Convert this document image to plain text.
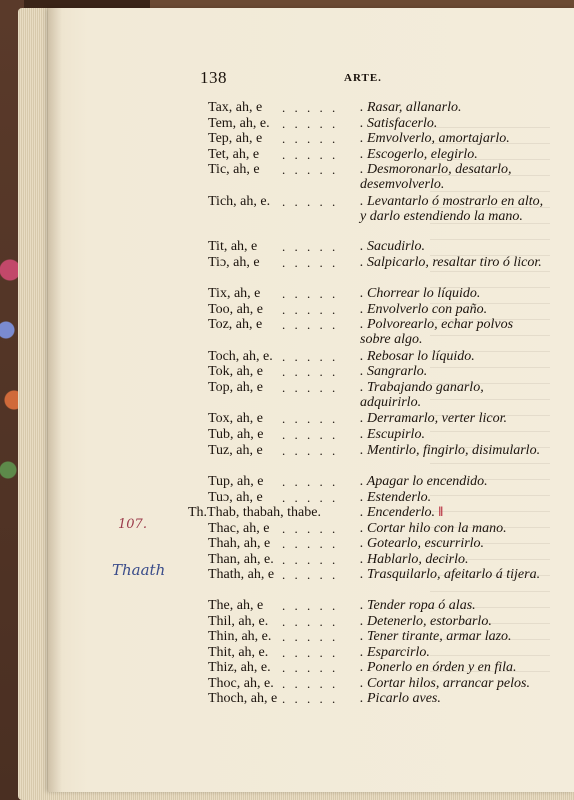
138	ARTE.
107.
Thaath
Tax, ah, e . . . . . . Rasar, allanarlo.
Tem, ah, e. . . . . . . Satisfacerlo.
Tep, ah, e . . . . . . Emvolverlo, amortajarlo.
Tet, ah, e . . . . . . Escogerlo, elegirlo.
Tic, ah, e . . . . . . Desmoronarlo, desatarlo, desemvolverlo.
Tich, ah, e. . . . . . . Levantarlo ó mostrarlo en alto, y darlo estendiendo la mano.
Tit, ah, e . . . . . . Sacudirlo.
Tiɔ, ah, e . . . . . . Salpicarlo, resaltar tiro ó licor.
Tix, ah, e . . . . . . Chorrear lo líquido.
Too, ah, e . . . . . . Envolverlo con paño.
Toz, ah, e . . . . . . Polvorearlo, echar polvos sobre algo.
Toch, ah, e. . . . . . . Rebosar lo líquido.
Tok, ah, e . . . . . . Sangrarlo.
Top, ah, e . . . . . . Trabajando ganarlo, adquirirlo.
Tox, ah, e . . . . . . Derramarlo, verter licor.
Tub, ah, e . . . . . . Escupirlo.
Tuz, ah, e . . . . . . Mentirlo, fingirlo, disimularlo.
Tup, ah, e . . . . . . Apagar lo encendido.
Tuɔ, ah, e . . . . . . Estenderlo.
Th.Thab, thabah, thabe.	. Encenderlo. ‖
Thac, ah, e . . . . . . Cortar hilo con la mano.
Thah, ah, e . . . . . . Gotearlo, escurrirlo.
Than, ah, e. . . . . . . Hablarlo, decirlo.
Thath, ah, e . . . . . . Trasquilarlo, afeitarlo á tijera.
The, ah, e . . . . . . Tender ropa ó alas.
Thil, ah, e. . . . . . . Detenerlo, estorbarlo.
Thin, ah, e. . . . . . . Tener tirante, armar lazo.
Thit, ah, e. . . . . . . Esparcirlo.
Thiz, ah, e. . . . . . . Ponerlo en órden y en fila.
Thoc, ah, e. . . . . . . Cortar hilos, arrancar pelos.
Thoch, ah, e . . . . . . Picarlo aves.
